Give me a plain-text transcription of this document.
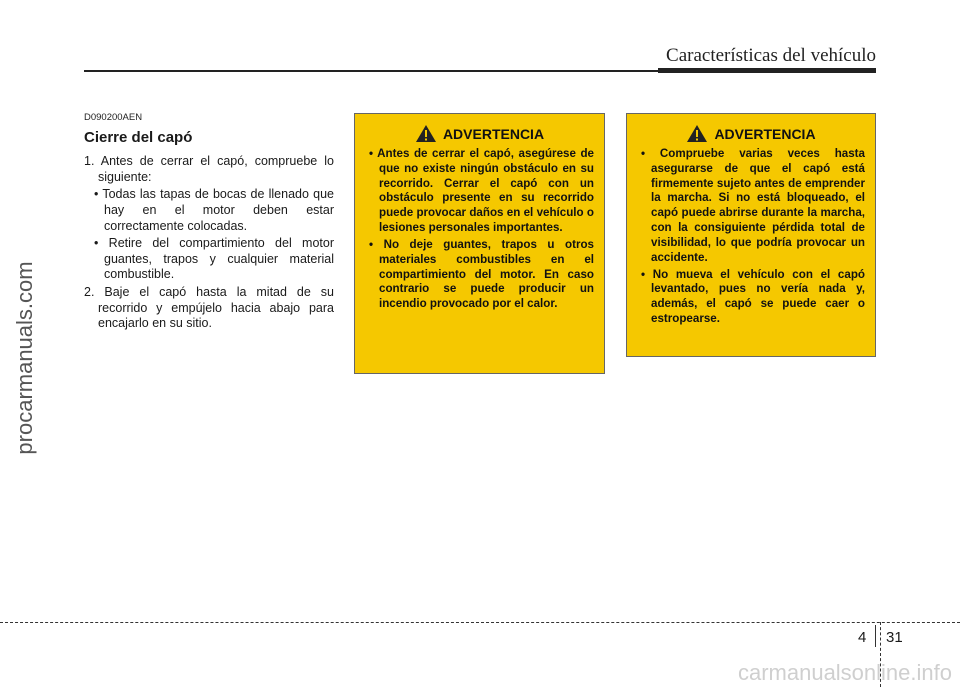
Características del vehículo
procarmanuals.com
D090200AEN
Cierre del capó
1. Antes de cerrar el capó, compruebe lo siguiente:
• Todas las tapas de bocas de llenado que hay en el motor deben estar correctamente colocadas.
• Retire del compartimiento del motor guantes, trapos y cualquier material combustible.
2. Baje el capó hasta la mitad de su recorrido y empújelo hacia abajo para encajarlo en su sitio.
ADVERTENCIA
• Antes de cerrar el capó, asegúrese de que no existe ningún obstáculo en su recorrido. Cerrar el capó con un obstáculo presente en su recorrido puede provocar daños en el vehículo o lesiones personales importantes.
• No deje guantes, trapos u otros materiales combustibles en el compartimiento del motor. En caso contrario se puede producir un incendio provocado por el calor.
ADVERTENCIA
• Compruebe varias veces hasta asegurarse de que el capó está firmemente sujeto antes de emprender la marcha. Si no está bloqueado, el capó puede abrirse durante la marcha, con la consiguiente pérdida total de visibilidad, lo que podría provocar un accidente.
• No mueva el vehículo con el capó levantado, pues no vería nada y, además, el capó se puede caer o estropearse.
4 31
carmanualsonline.info
